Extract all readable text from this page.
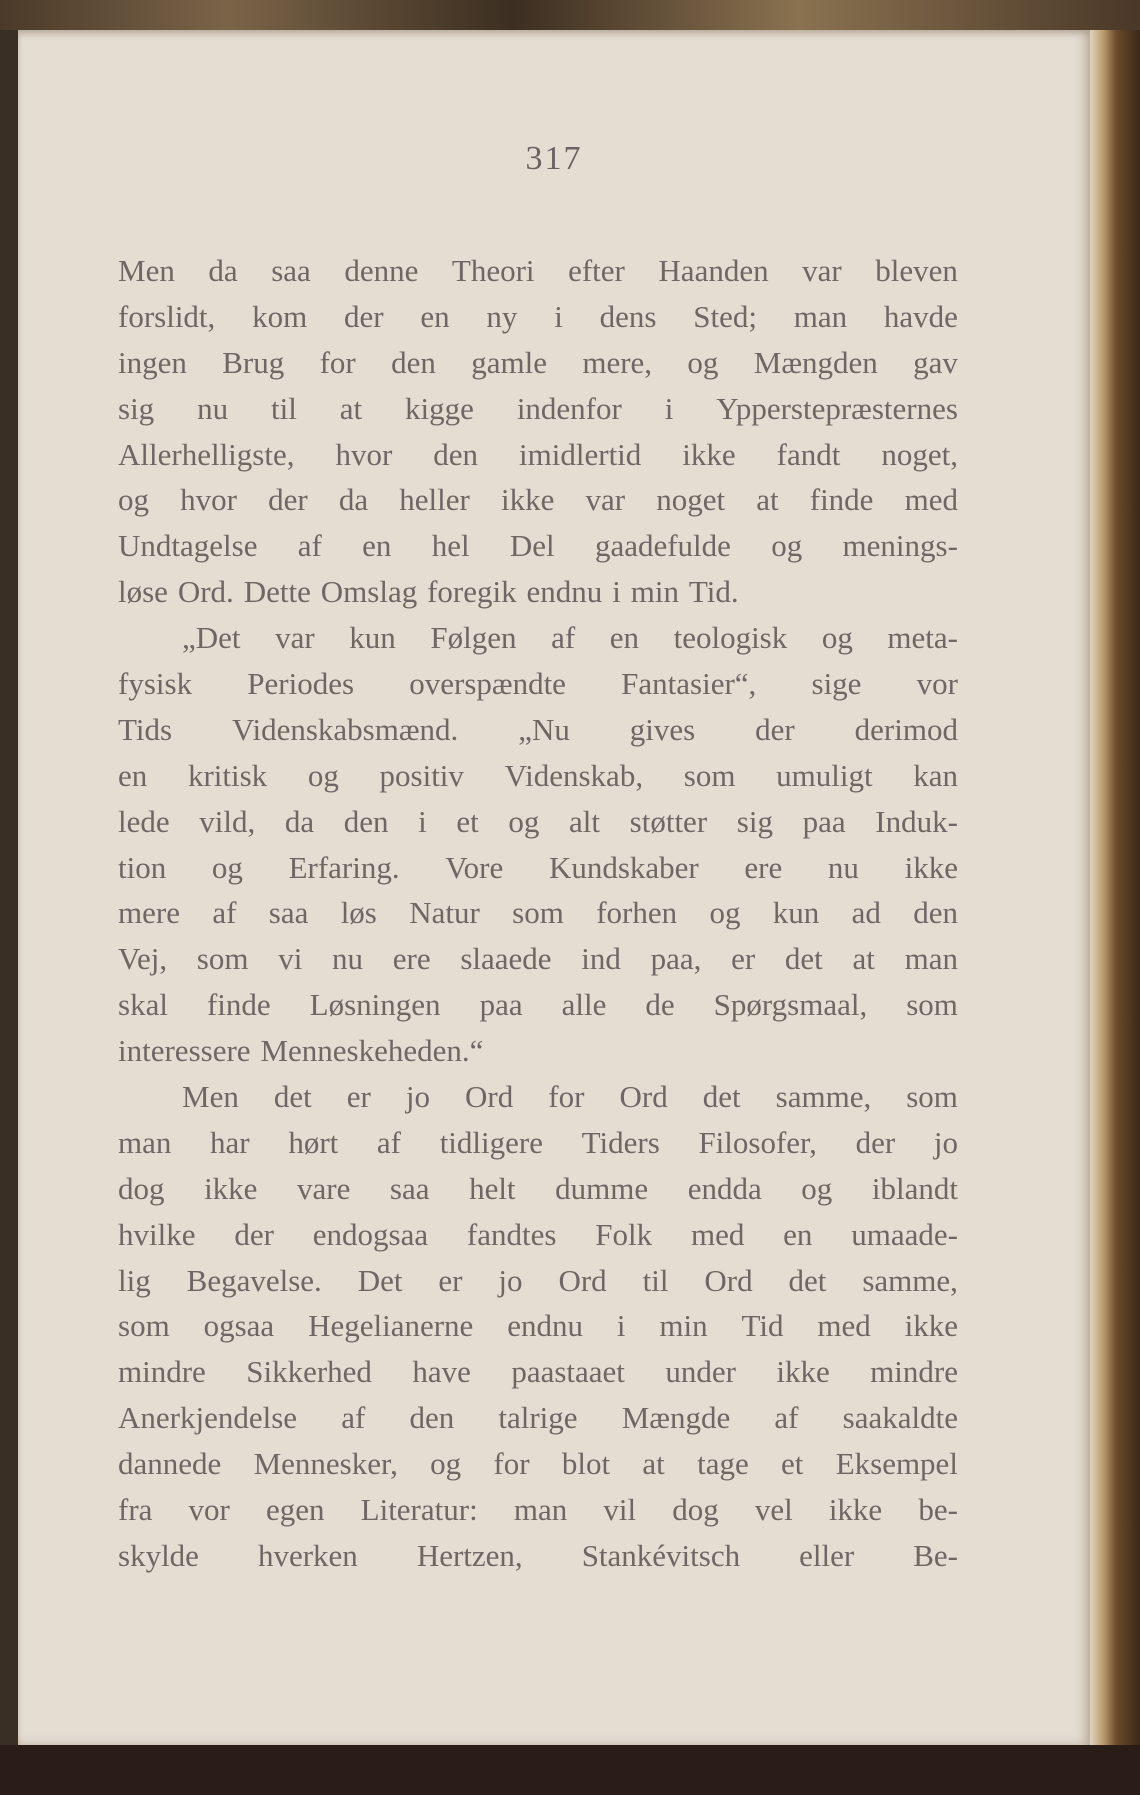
317
Men da saa denne Theori efter Haanden var bleven
forslidt, kom der en ny i dens Sted; man havde
ingen Brug for den gamle mere, og Mængden gav
sig nu til at kigge indenfor i Ypperstepræsternes
Allerhelligste, hvor den imidlertid ikke fandt noget,
og hvor der da heller ikke var noget at finde med
Undtagelse af en hel Del gaadefulde og menings-
løse Ord. Dette Omslag foregik endnu i min Tid.
„Det var kun Følgen af en teologisk og meta-
fysisk Periodes overspændte Fantasier“, sige vor
Tids Videnskabsmænd. „Nu gives der derimod
en kritisk og positiv Videnskab, som umuligt kan
lede vild, da den i et og alt støtter sig paa Induk-
tion og Erfaring. Vore Kundskaber ere nu ikke
mere af saa løs Natur som forhen og kun ad den
Vej, som vi nu ere slaaede ind paa, er det at man
skal finde Løsningen paa alle de Spørgsmaal, som
interessere Menneskeheden.“
Men det er jo Ord for Ord det samme, som
man har hørt af tidligere Tiders Filosofer, der jo
dog ikke vare saa helt dumme endda og iblandt
hvilke der endogsaa fandtes Folk med en umaade-
lig Begavelse. Det er jo Ord til Ord det samme,
som ogsaa Hegelianerne endnu i min Tid med ikke
mindre Sikkerhed have paastaaet under ikke mindre
Anerkjendelse af den talrige Mængde af saakaldte
dannede Mennesker, og for blot at tage et Eksempel
fra vor egen Literatur: man vil dog vel ikke be-
skylde hverken Hertzen, Stankévitsch eller Be-
